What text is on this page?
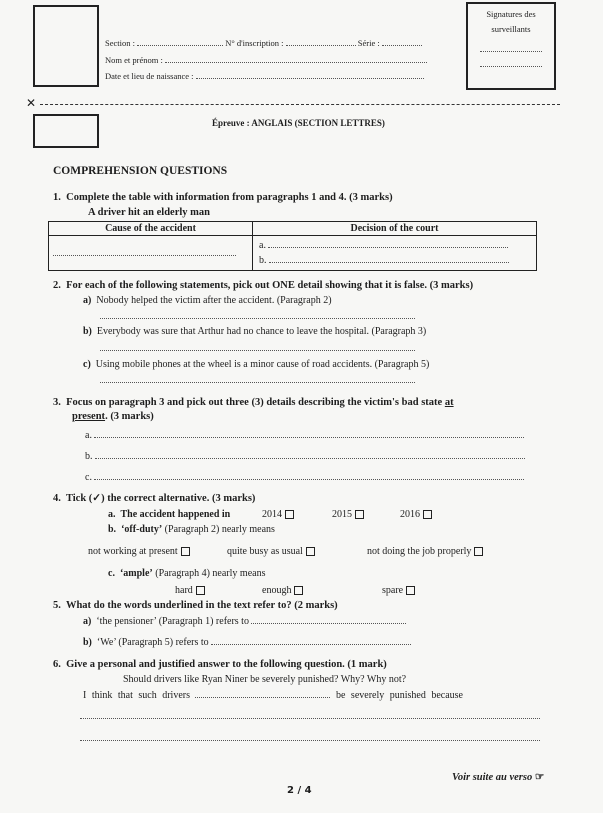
Section :	N° d'inscription :	Série :
Nom et prénom :
Date et lieu de naissance :
Signatures des surveillants
✕
Épreuve : ANGLAIS (SECTION LETTRES)
COMPREHENSION QUESTIONS
1. Complete the table with information from paragraphs 1 and 4. (3 marks)
A driver hit an elderly man
Cause of the accident	Decision of the court

	a.
b.
2. For each of the following statements, pick out ONE detail showing that it is false. (3 marks)
a) Nobody helped the victim after the accident. (Paragraph 2)
b) Everybody was sure that Arthur had no chance to leave the hospital. (Paragraph 3)
c) Using mobile phones at the wheel is a minor cause of road accidents. (Paragraph 5)
3. Focus on paragraph 3 and pick out three (3) details describing the victim's bad state at
present. (3 marks)
a.
b.
c.
4. Tick (✓) the correct alternative. (3 marks)
a. The accident happened in	2014	2015	2016
b. ‘off-duty’ (Paragraph 2) nearly means
not working at present	quite busy as usual	not doing the job properly
c. ‘ample’ (Paragraph 4) nearly means
hard	enough	spare
5. What do the words underlined in the text refer to? (2 marks)
a) ‘the pensioner’ (Paragraph 1) refers to
b) ‘We’ (Paragraph 5) refers to
6. Give a personal and justified answer to the following question. (1 mark)
Should drivers like Ryan Niner be severely punished? Why? Why not?
I think that such drivers	be severely punished because
Voir suite au verso ☞
2 / 4
